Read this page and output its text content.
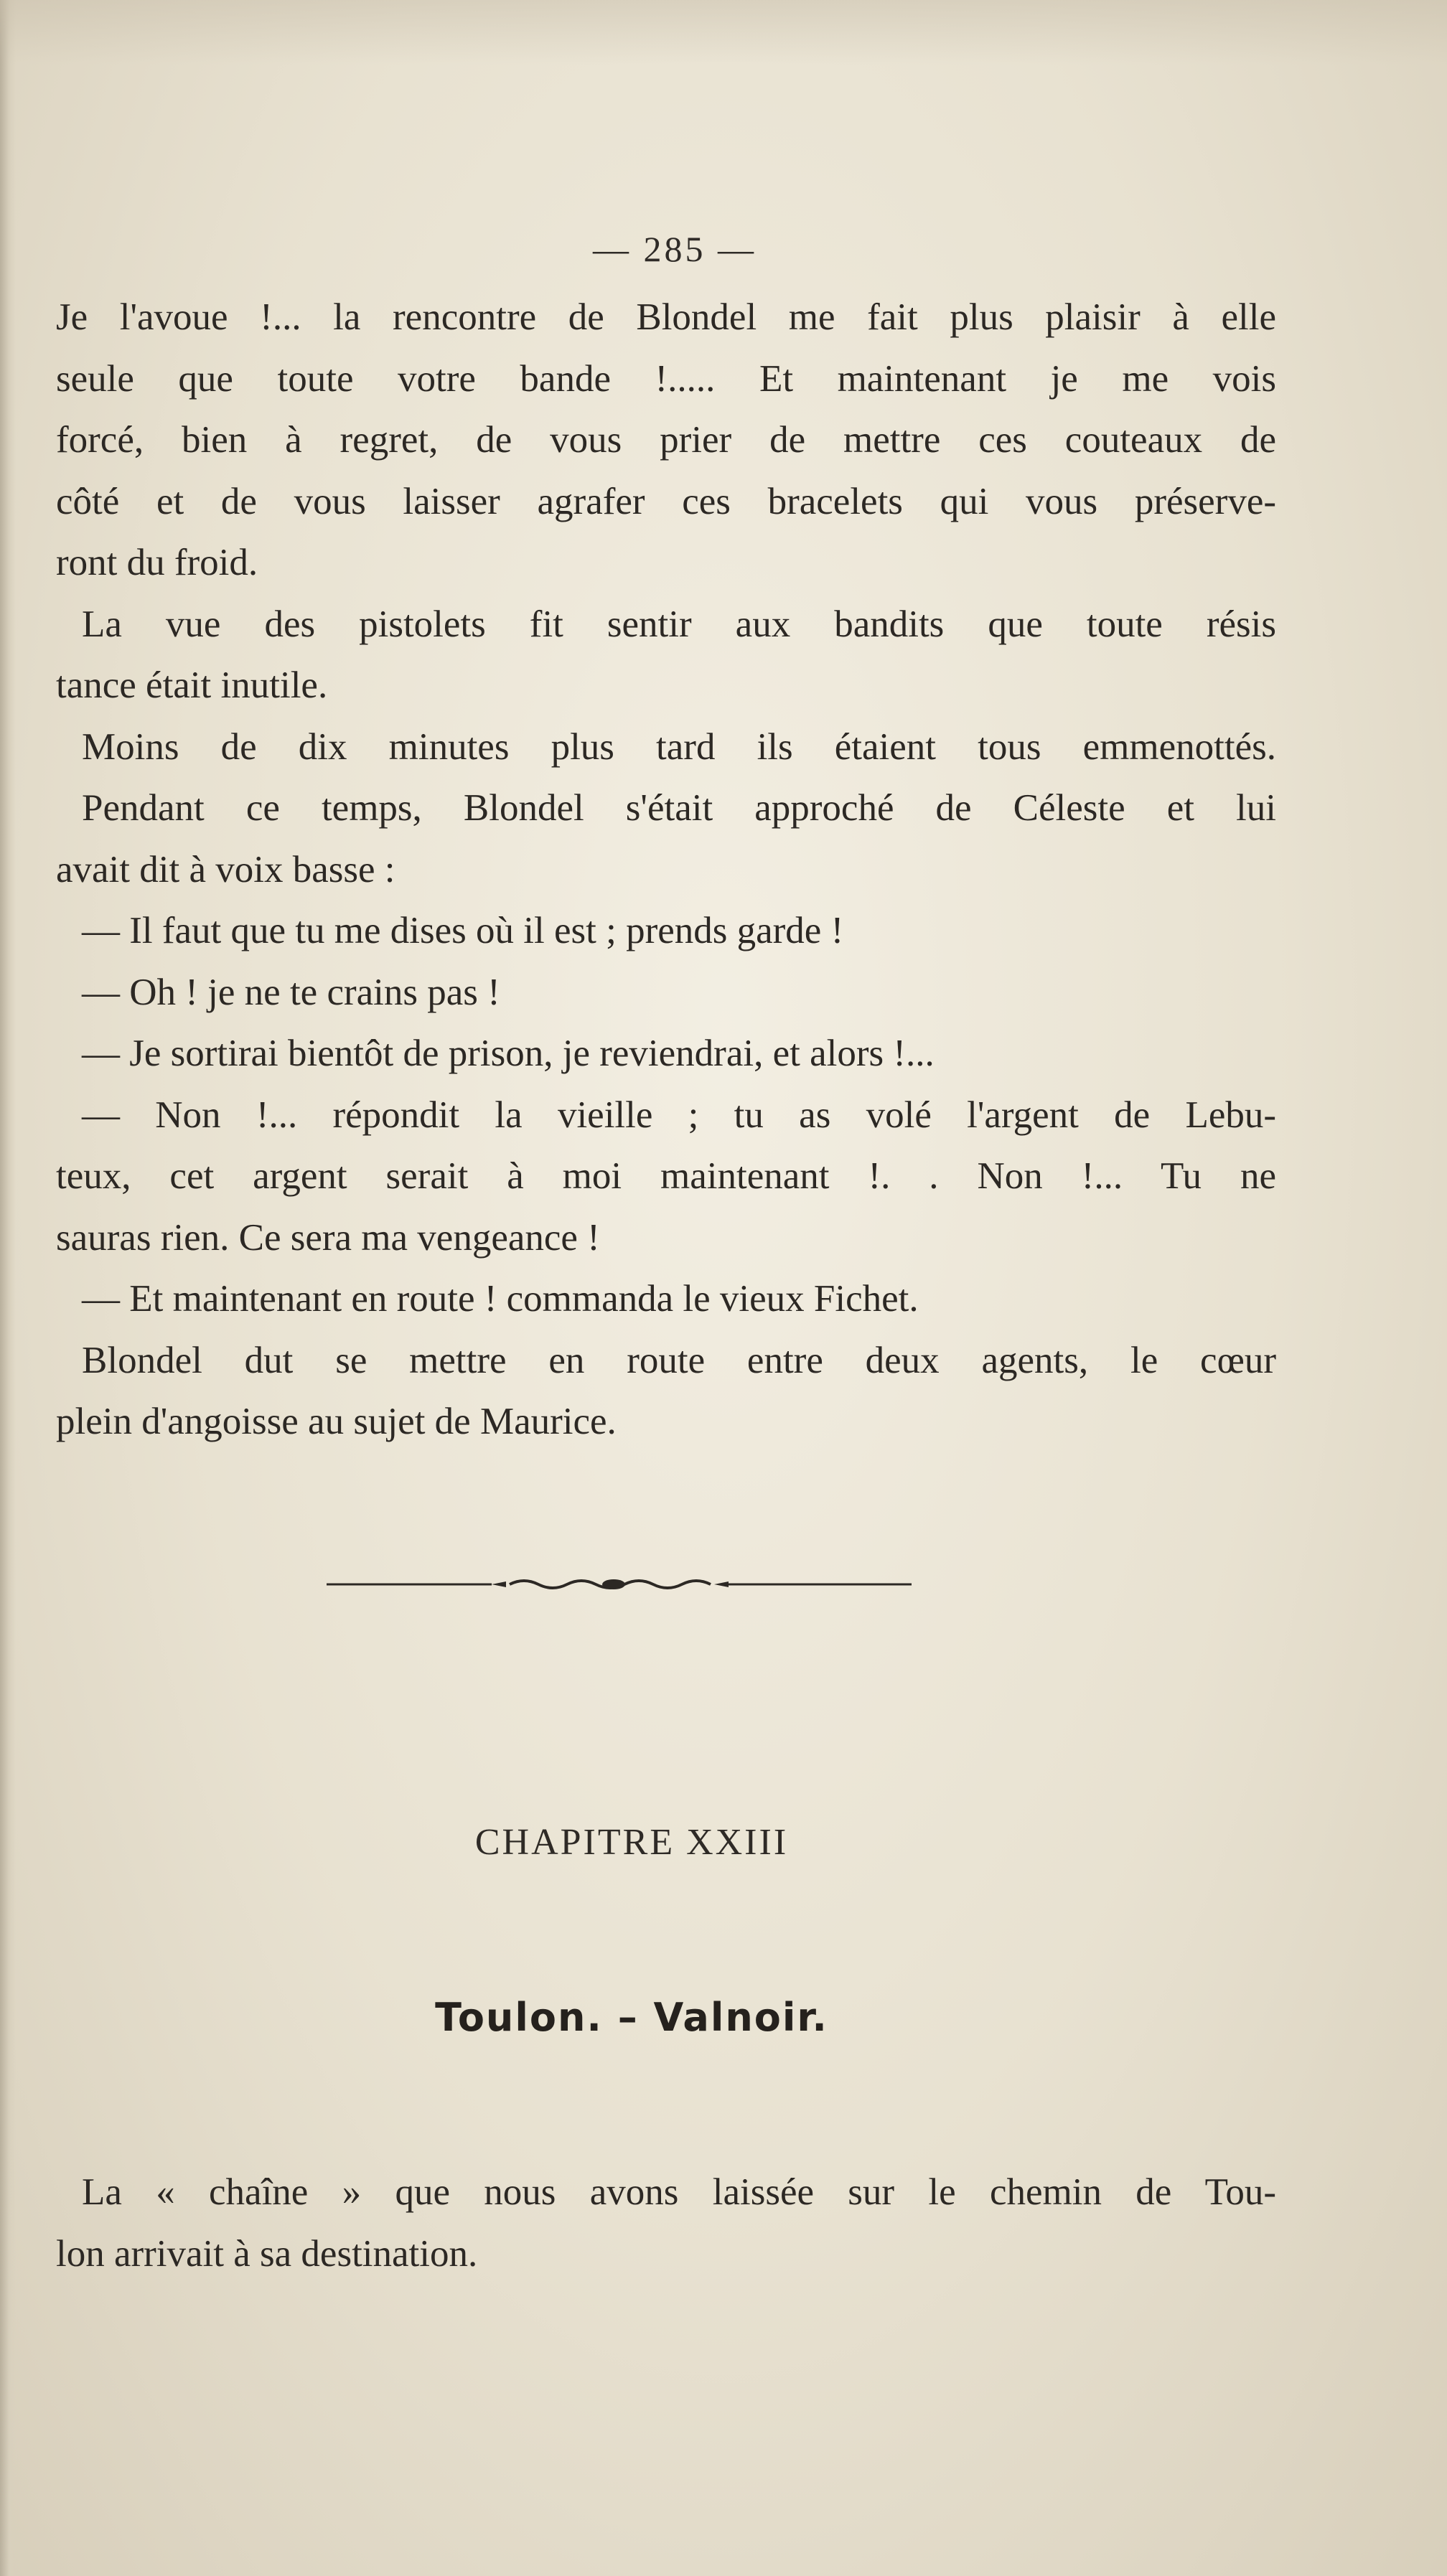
— 285 —
Je l'avoue !... la rencontre de Blondel me fait plus plaisir à elle
seule que toute votre bande !..... Et maintenant je me vois
forcé, bien à regret, de vous prier de mettre ces couteaux de
côté et de vous laisser agrafer ces bracelets qui vous préserve-
ront du froid.
La vue des pistolets fit sentir aux bandits que toute résis
tance était inutile.
Moins de dix minutes plus tard ils étaient tous emmenottés.
Pendant ce temps, Blondel s'était approché de Céleste et lui
avait dit à voix basse :
— Il faut que tu me dises où il est ; prends garde !
— Oh ! je ne te crains pas !
— Je sortirai bientôt de prison, je reviendrai, et alors !...
— Non !... répondit la vieille ; tu as volé l'argent de Lebu-
teux, cet argent serait à moi maintenant !. . Non !... Tu ne
sauras rien. Ce sera ma vengeance !
— Et maintenant en route ! commanda le vieux Fichet.
Blondel dut se mettre en route entre deux agents, le cœur
plein d'angoisse au sujet de Maurice.
CHAPITRE XXIII
Toulon. – Valnoir.
La « chaîne » que nous avons laissée sur le chemin de Tou-
lon arrivait à sa destination.
